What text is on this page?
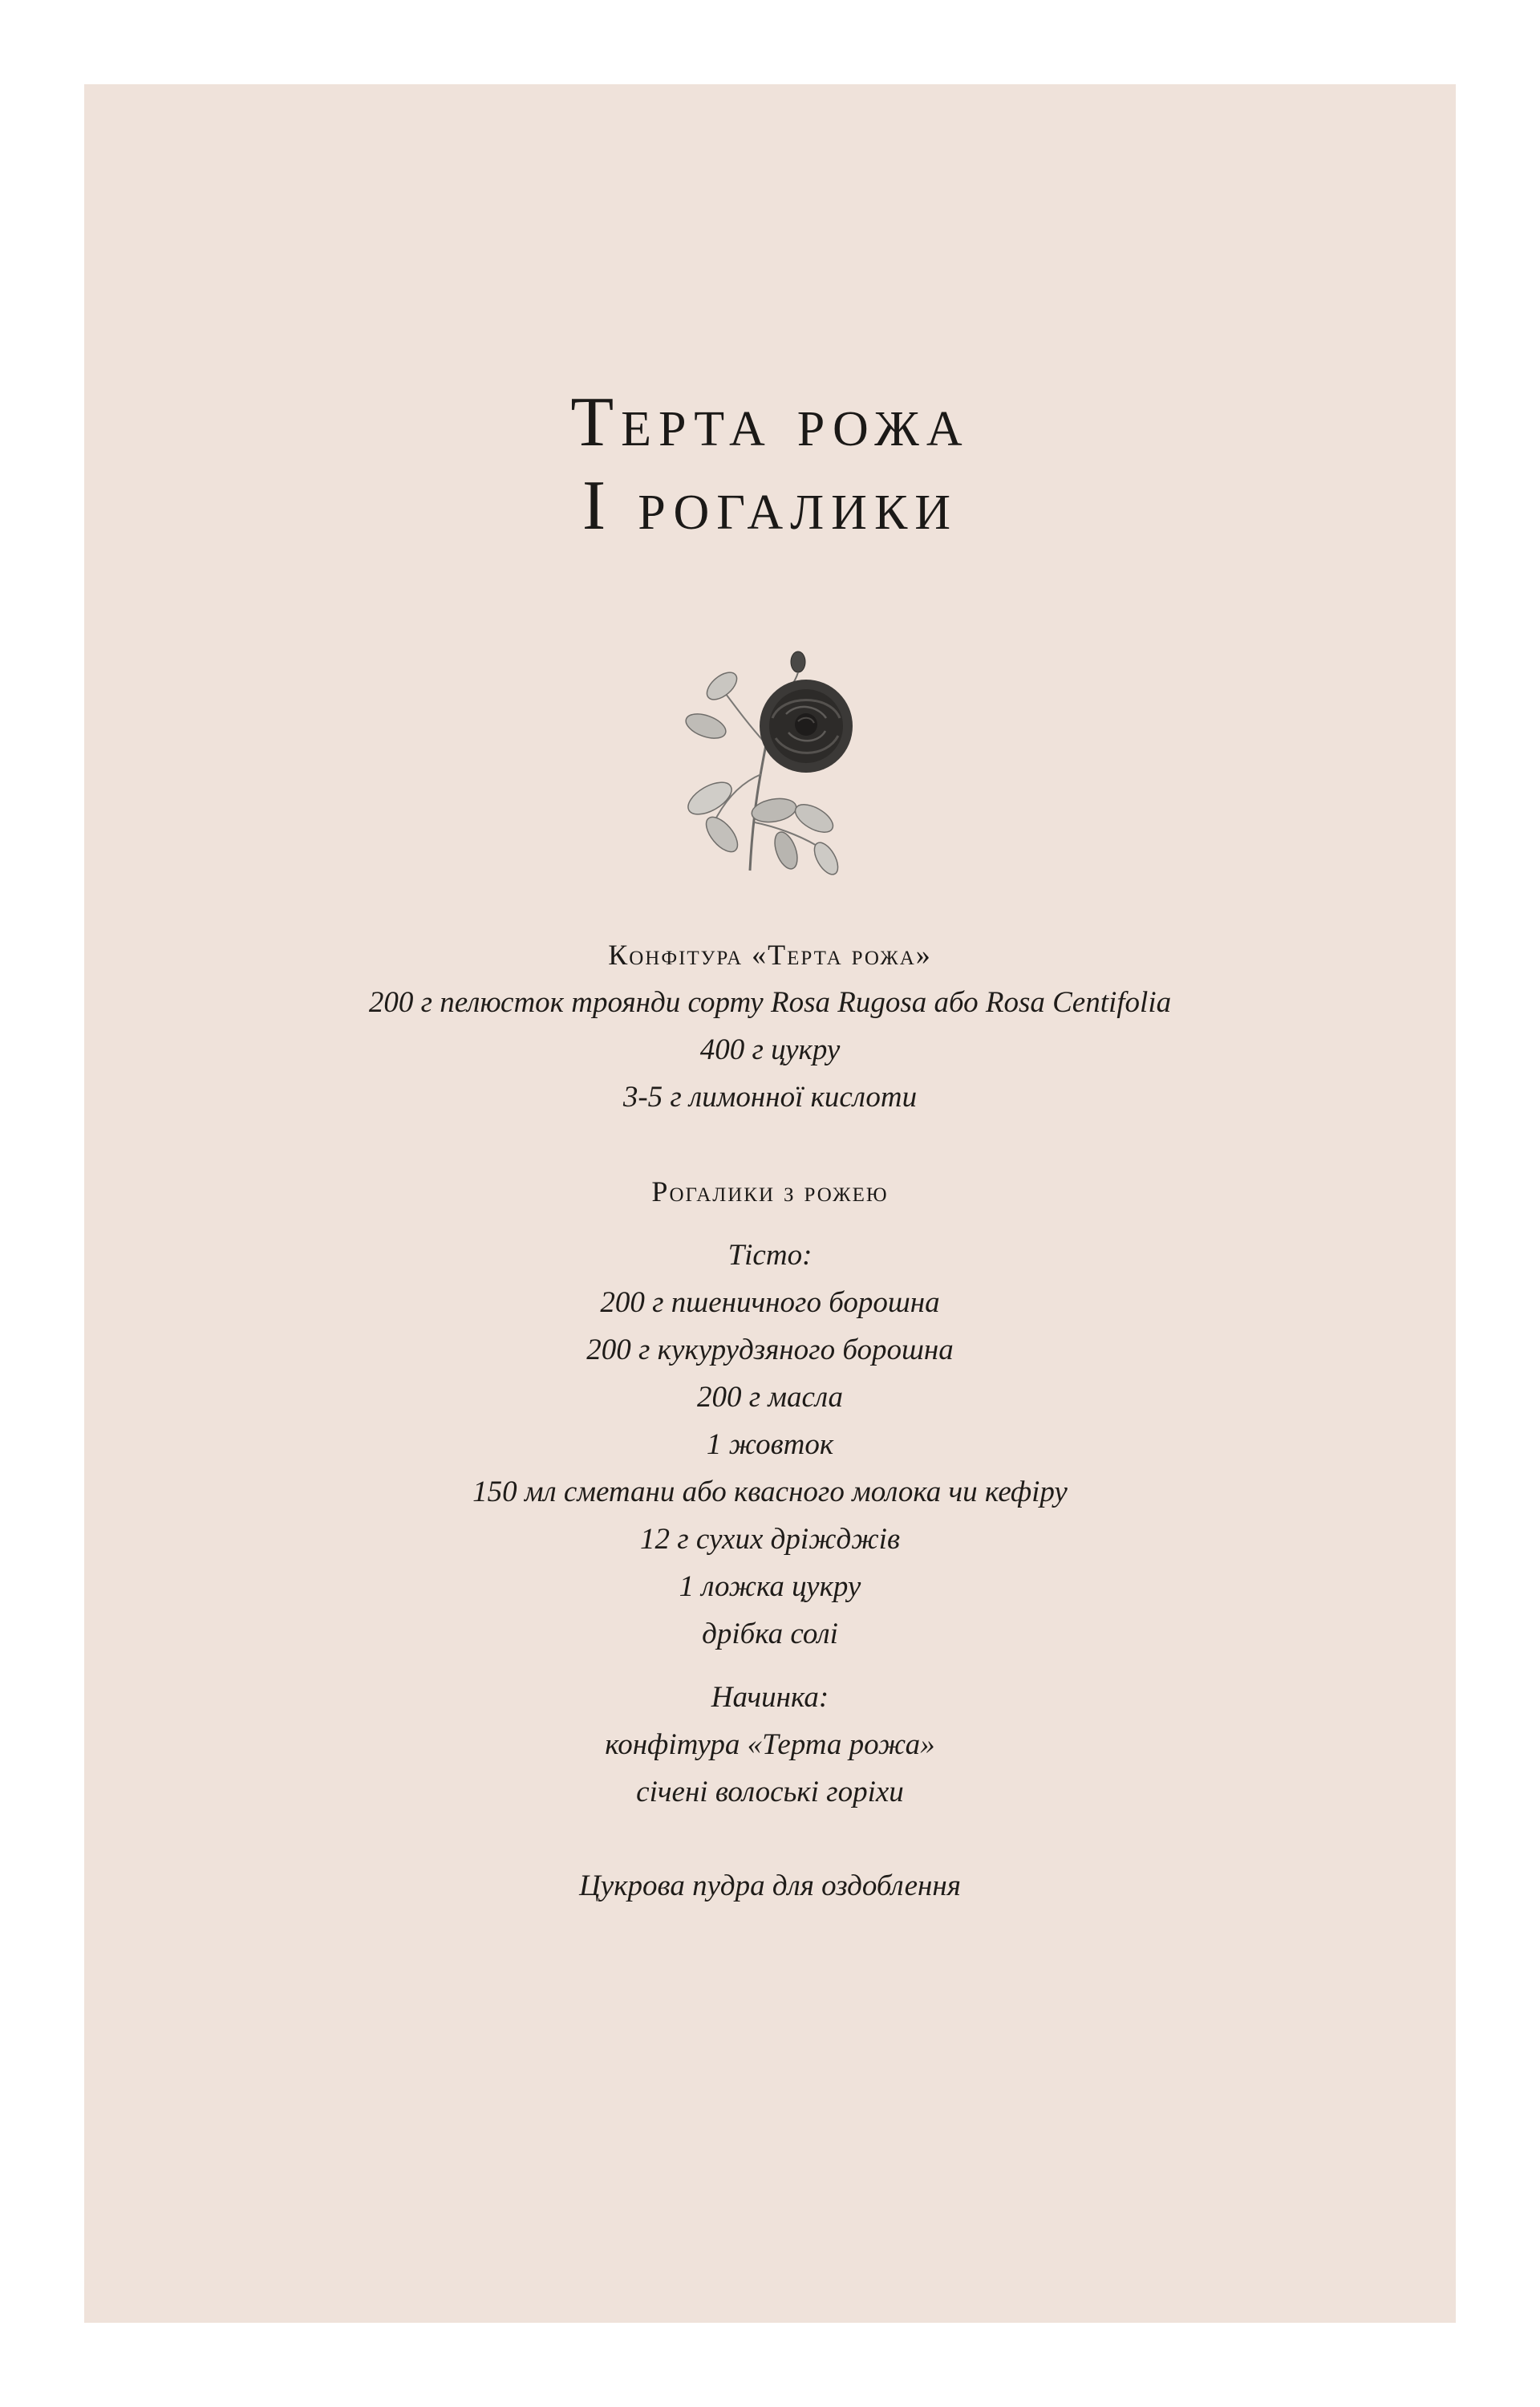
Терта рожа
І рогалики
Конфітура «Терта рожа»
200 г пелюсток троянди сорту Rosa Rugosa або Rosa Centifolia
400 г цукру
3-5 г лимонної кислоти
Рогалики з рожею
Тісто:
200 г пшеничного борошна
200 г кукурудзяного борошна
200 г масла
1 жовток
150 мл сметани або квасного молока чи кефіру
12 г сухих дріжджів
1 ложка цукру
дрібка солі
Начинка:
конфітура «Терта рожа»
січені волоські горіхи
Цукрова пудра для оздоблення
